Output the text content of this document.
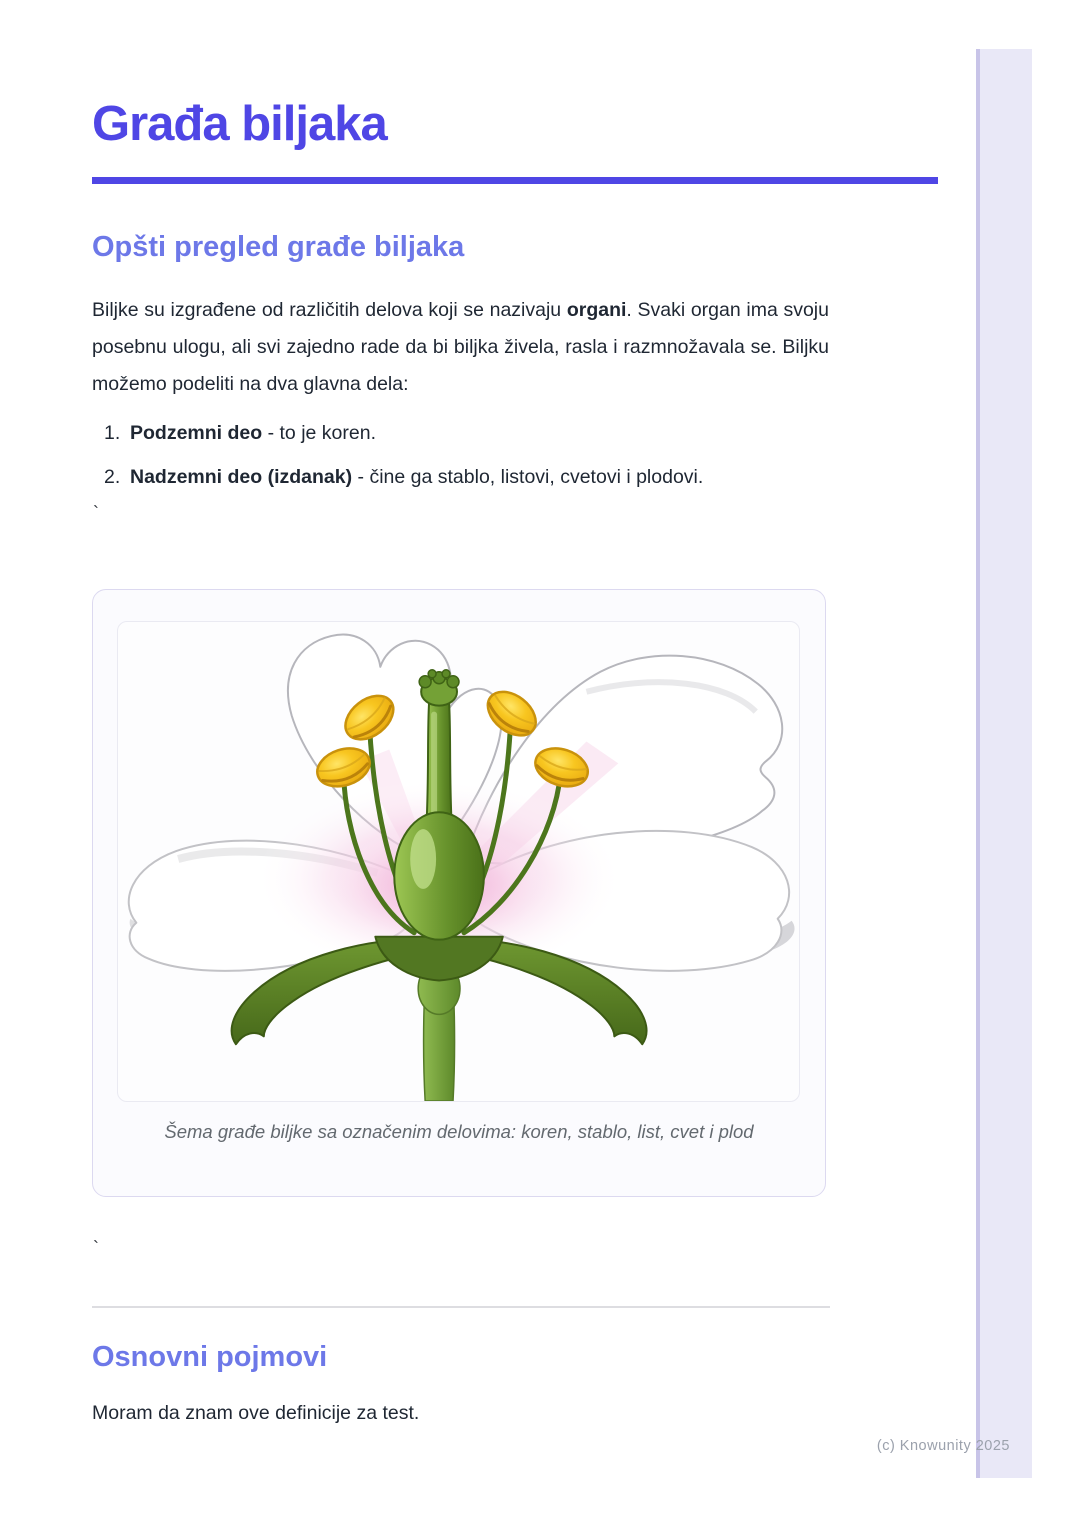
Građa biljaka
Opšti pregled građe biljaka

Biljke su izgrađene od različitih delova koji se nazivaju organi. Svaki organ ima svoju posebnu ulogu, ali svi zajedno rade da bi biljka živela, rasla i razmnožavala se. Biljku možemo podeliti na dva glavna dela:

1. Podzemni deo - to je koren.
2. Nadzemni deo (izdanak) - čine ga stablo, listovi, cvetovi i plodovi.
`
Šema građe biljke sa označenim delovima: koren, stablo, list, cvet i plod
`
Osnovni pojmovi

Moram da znam ove definicije za test.

(c) Knowunity 2025
